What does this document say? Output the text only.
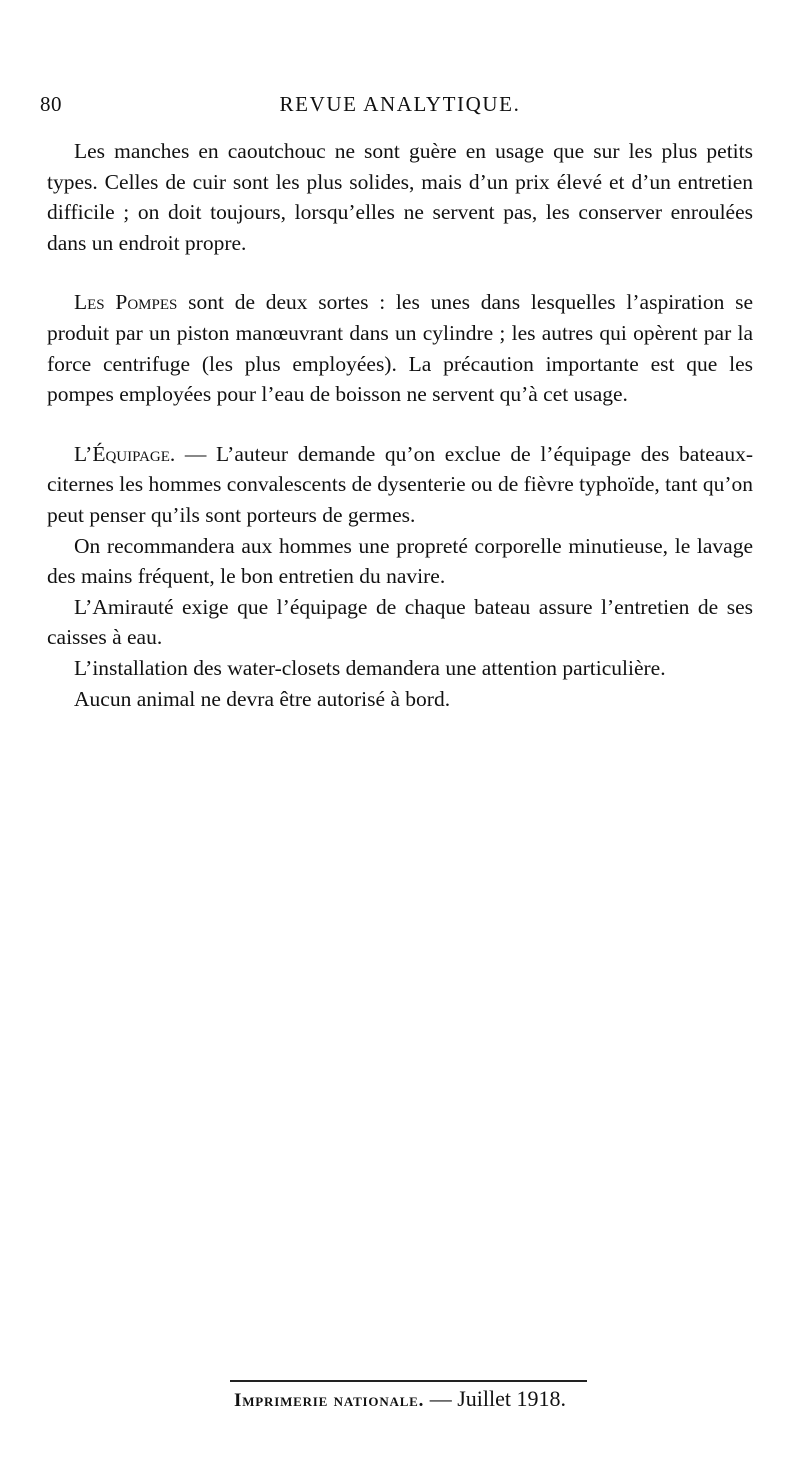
80	REVUE ANALYTIQUE.

Les manches en caoutchouc ne sont guère en usage que sur les plus petits types. Celles de cuir sont les plus solides, mais d’un prix élevé et d’un entretien difficile ; on doit toujours, lorsqu’elles ne servent pas, les conserver enroulées dans un endroit propre.

Les Pompes sont de deux sortes : les unes dans lesquelles l’aspiration se produit par un piston manœuvrant dans un cylindre ; les autres qui opèrent par la force centrifuge (les plus employées). La précaution importante est que les pompes employées pour l’eau de boisson ne servent qu’à cet usage.

L’Équipage. — L’auteur demande qu’on exclue de l’équipage des bateaux-citernes les hommes convalescents de dysenterie ou de fièvre typhoïde, tant qu’on peut penser qu’ils sont porteurs de germes.

On recommandera aux hommes une propreté corporelle minutieuse, le lavage des mains fréquent, le bon entretien du navire.

L’Amirauté exige que l’équipage de chaque bateau assure l’entretien de ses caisses à eau.

L’installation des water-closets demandera une attention particulière.

Aucun animal ne devra être autorisé à bord.

Imprimerie nationale. — Juillet 1918.
